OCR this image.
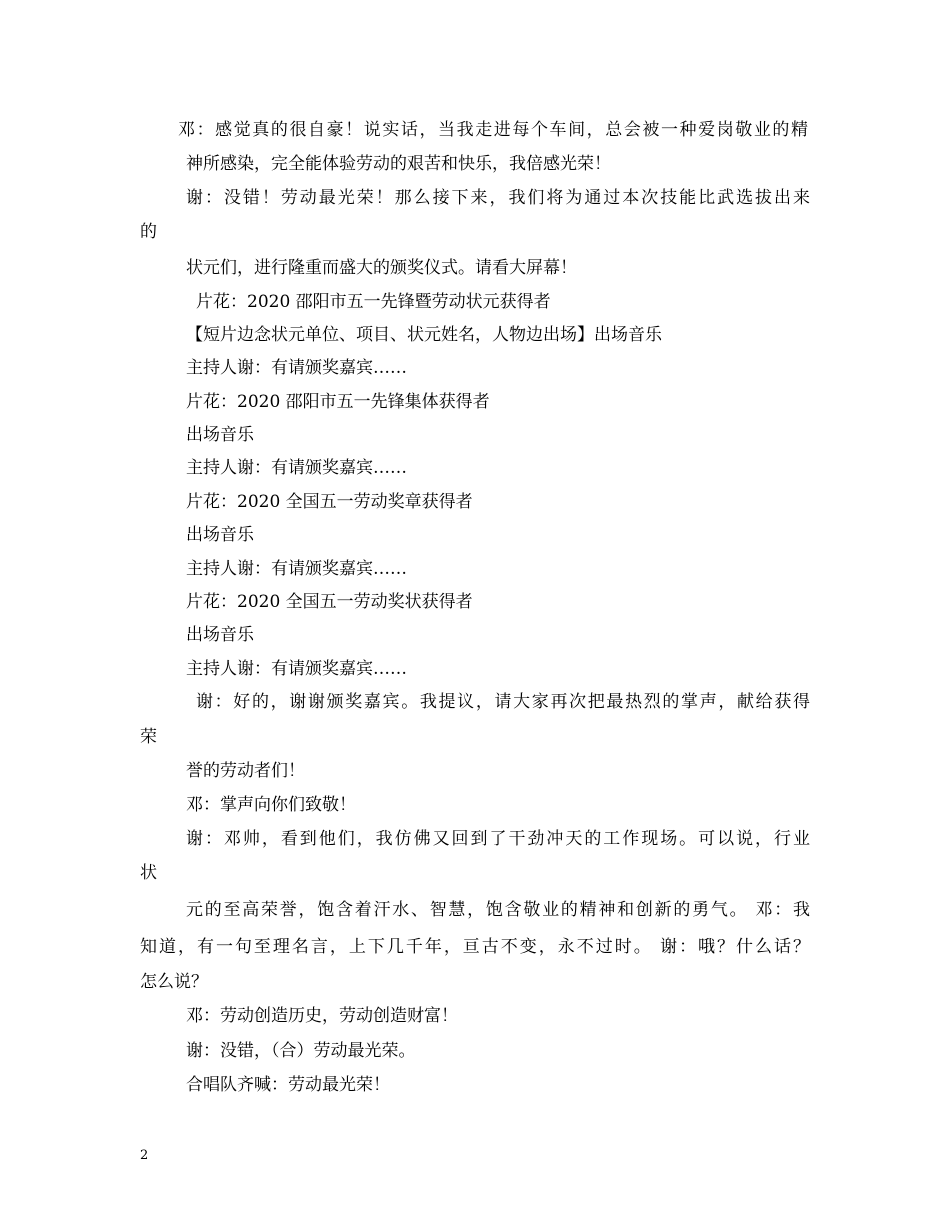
邓：感觉真的很自豪！说实话，当我走进每个车间，总会被一种爱岗敬业的精
神所感染，完全能体验劳动的艰苦和快乐，我倍感光荣！
谢：没错！劳动最光荣！那么接下来，我们将为通过本次技能比武选拔出来
的
状元们，进行隆重而盛大的颁奖仪式。请看大屏幕！
片花：2020 邵阳市五一先锋暨劳动状元获得者
【短片边念状元单位、项目、状元姓名，人物边出场】出场音乐
主持人谢：有请颁奖嘉宾……
片花：2020 邵阳市五一先锋集体获得者
出场音乐
主持人谢：有请颁奖嘉宾……
片花：2020 全国五一劳动奖章获得者
出场音乐
主持人谢：有请颁奖嘉宾……
片花：2020 全国五一劳动奖状获得者
出场音乐
主持人谢：有请颁奖嘉宾……
谢：好的，谢谢颁奖嘉宾。我提议，请大家再次把最热烈的掌声，献给获得
荣
誉的劳动者们！
邓：掌声向你们致敬！
谢：邓帅，看到他们，我仿佛又回到了干劲冲天的工作现场。可以说，行业
状
元的至高荣誉，饱含着汗水、智慧，饱含敬业的精神和创新的勇气。 邓：我
知道，有一句至理名言，上下几千年，亘古不变，永不过时。 谢：哦？什么话？
怎么说？
邓：劳动创造历史，劳动创造财富！
谢：没错，（合）劳动最光荣。
合唱队齐喊：劳动最光荣！
2
